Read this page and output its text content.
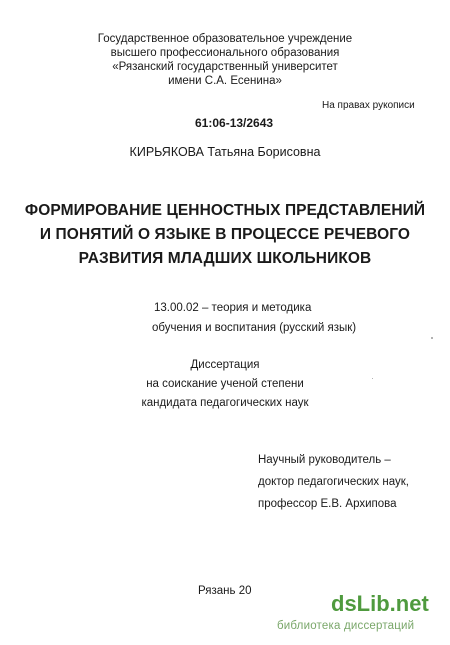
Государственное образовательное учреждение
высшего профессионального образования
«Рязанский государственный университет
имени С.А. Есенина»
На правах рукописи
61:06-13/2643
КИРЬЯКОВА Татьяна Борисовна
ФОРМИРОВАНИЕ ЦЕННОСТНЫХ ПРЕДСТАВЛЕНИЙ
И ПОНЯТИЙ О ЯЗЫКЕ В ПРОЦЕССЕ РЕЧЕВОГО
РАЗВИТИЯ МЛАДШИХ ШКОЛЬНИКОВ
13.00.02 – теория и методика
обучения и воспитания (русский язык)
Диссертация
на соискание ученой степени
кандидата педагогических наук
Научный руководитель –
доктор педагогических наук,
профессор Е.В. Архипова
Рязань 20	dsLib.net
библиотека диссертаций
